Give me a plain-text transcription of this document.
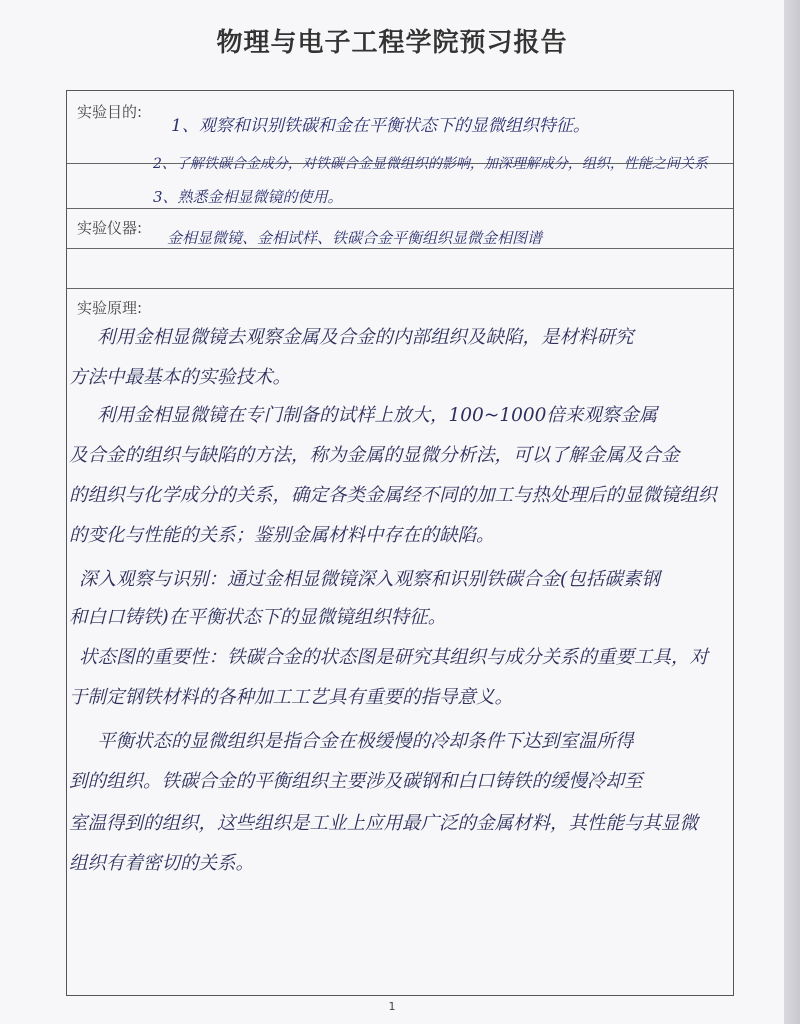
物理与电子工程学院预习报告
实验目的:
1、观察和识别铁碳和金在平衡状态下的显微组织特征。
2、了解铁碳合金成分，对铁碳合金显微组织的影响，加深理解成分，组织，性能之间关系
3、熟悉金相显微镜的使用。
实验仪器:
金相显微镜、金相试样、铁碳合金平衡组织显微金相图谱
实验原理:
利用金相显微镜去观察金属及合金的内部组织及缺陷，是材料研究
方法中最基本的实验技术。
利用金相显微镜在专门制备的试样上放大，100~1000倍来观察金属
及合金的组织与缺陷的方法，称为金属的显微分析法，可以了解金属及合金
的组织与化学成分的关系，确定各类金属经不同的加工与热处理后的显微镜组织
的变化与性能的关系；鉴别金属材料中存在的缺陷。
深入观察与识别：通过金相显微镜深入观察和识别铁碳合金(包括碳素钢
和白口铸铁)在平衡状态下的显微镜组织特征。
状态图的重要性：铁碳合金的状态图是研究其组织与成分关系的重要工具，对
于制定钢铁材料的各种加工工艺具有重要的指导意义。
平衡状态的显微组织是指合金在极缓慢的冷却条件下达到室温所得
到的组织。铁碳合金的平衡组织主要涉及碳钢和白口铸铁的缓慢冷却至
室温得到的组织，这些组织是工业上应用最广泛的金属材料，其性能与其显微
组织有着密切的关系。
1
